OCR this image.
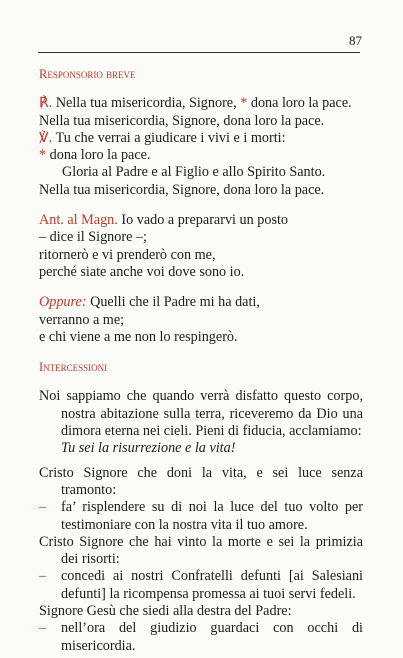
87
Responsorio breve

℟. Nella tua misericordia, Signore, * dona loro la pace.

Nella tua misericordia, Signore, dona loro la pace.

℣. Tu che verrai a giudicare i vivi e i morti:

* dona loro la pace.

Gloria al Padre e al Figlio e allo Spirito Santo.

Nella tua misericordia, Signore, dona loro la pace.

Ant. al Magn. Io vado a prepararvi un posto

– dice il Signore –;

ritornerò e vi prenderò con me,

perché siate anche voi dove sono io.

Oppure: Quelli che il Padre mi ha dati,

verranno a me;

e chi viene a me non lo respingerò.

Intercessioni

Noi sappiamo che quando verrà disfatto questo corpo, nostra abitazione sulla terra, riceveremo da Dio una dimora eterna nei cieli. Pieni di fiducia, acclamiamo:
Tu sei la risurrezione e la vita!

Cristo Signore che doni la vita, e sei luce senza tramonto:

– fa’ risplendere su di noi la luce del tuo volto per testimoniare con la nostra vita il tuo amore.

Cristo Signore che hai vinto la morte e sei la primizia dei risorti:

– concedi ai nostri Confratelli defunti [ai Salesiani defunti] la ricompensa promessa ai tuoi servi fedeli.

Signore Gesù che siedi alla destra del Padre:

– nell’ora del giudizio guardaci con occhi di misericordia.
